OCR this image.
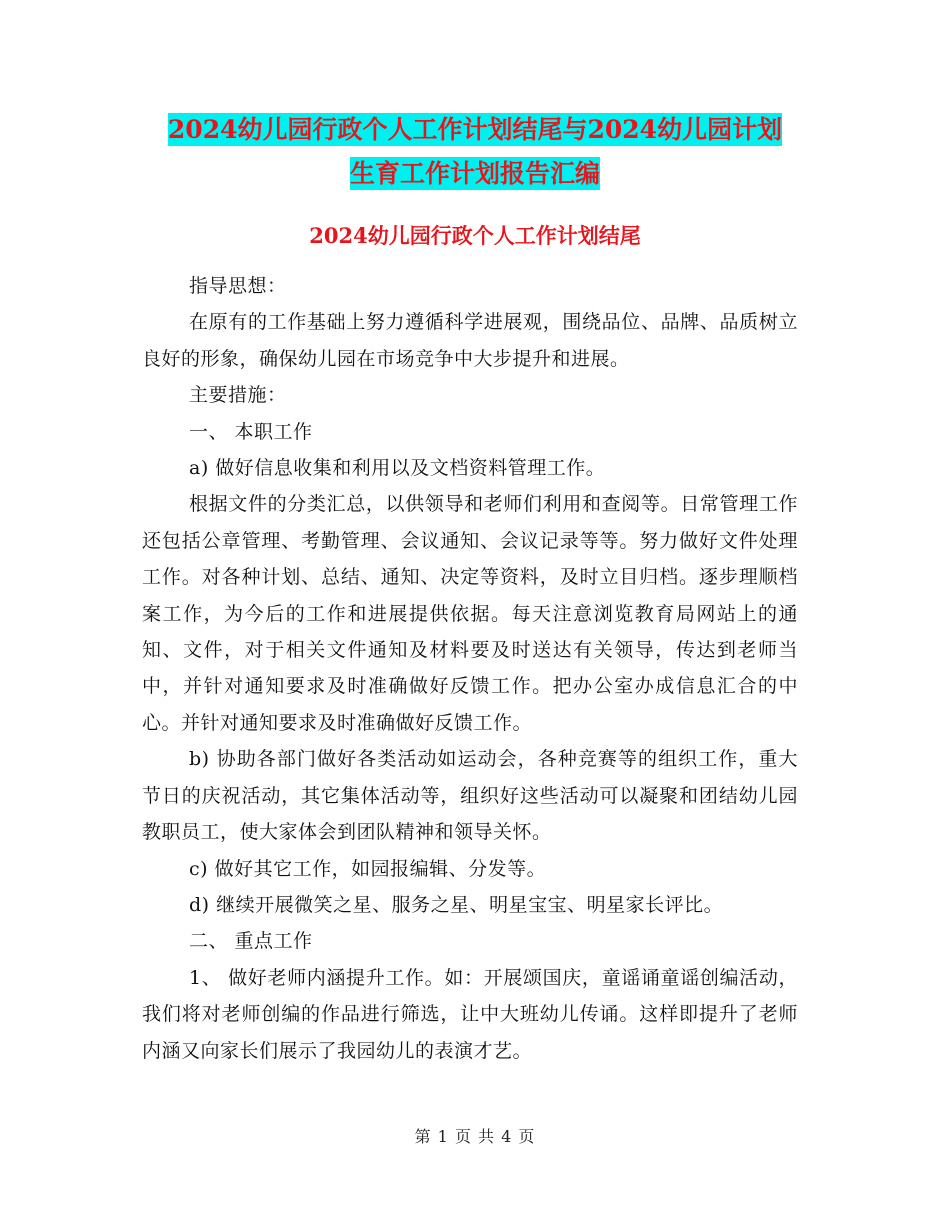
2024幼儿园行政个人工作计划结尾与2024幼儿园计划
生育工作计划报告汇编
2024幼儿园行政个人工作计划结尾

指导思想：

在原有的工作基础上努力遵循科学进展观，围绕品位、品牌、品质树立良好的形象，确保幼儿园在市场竞争中大步提升和进展。

主要措施：

一、 本职工作

a) 做好信息收集和利用以及文档资料管理工作。

根据文件的分类汇总，以供领导和老师们利用和查阅等。日常管理工作还包括公章管理、考勤管理、会议通知、会议记录等等。努力做好文件处理工作。对各种计划、总结、通知、决定等资料，及时立目归档。逐步理顺档案工作，为今后的工作和进展提供依据。每天注意浏览教育局网站上的通知、文件，对于相关文件通知及材料要及时送达有关领导，传达到老师当中，并针对通知要求及时准确做好反馈工作。把办公室办成信息汇合的中心。并针对通知要求及时准确做好反馈工作。

b) 协助各部门做好各类活动如运动会，各种竞赛等的组织工作，重大节日的庆祝活动，其它集体活动等，组织好这些活动可以凝聚和团结幼儿园教职员工，使大家体会到团队精神和领导关怀。

c) 做好其它工作，如园报编辑、分发等。

d) 继续开展微笑之星、服务之星、明星宝宝、明星家长评比。

二、 重点工作

1、 做好老师内涵提升工作。如：开展颂国庆，童谣诵童谣创编活动，我们将对老师创编的作品进行筛选，让中大班幼儿传诵。这样即提升了老师内涵又向家长们展示了我园幼儿的表演才艺。

第 1 页 共 4 页
